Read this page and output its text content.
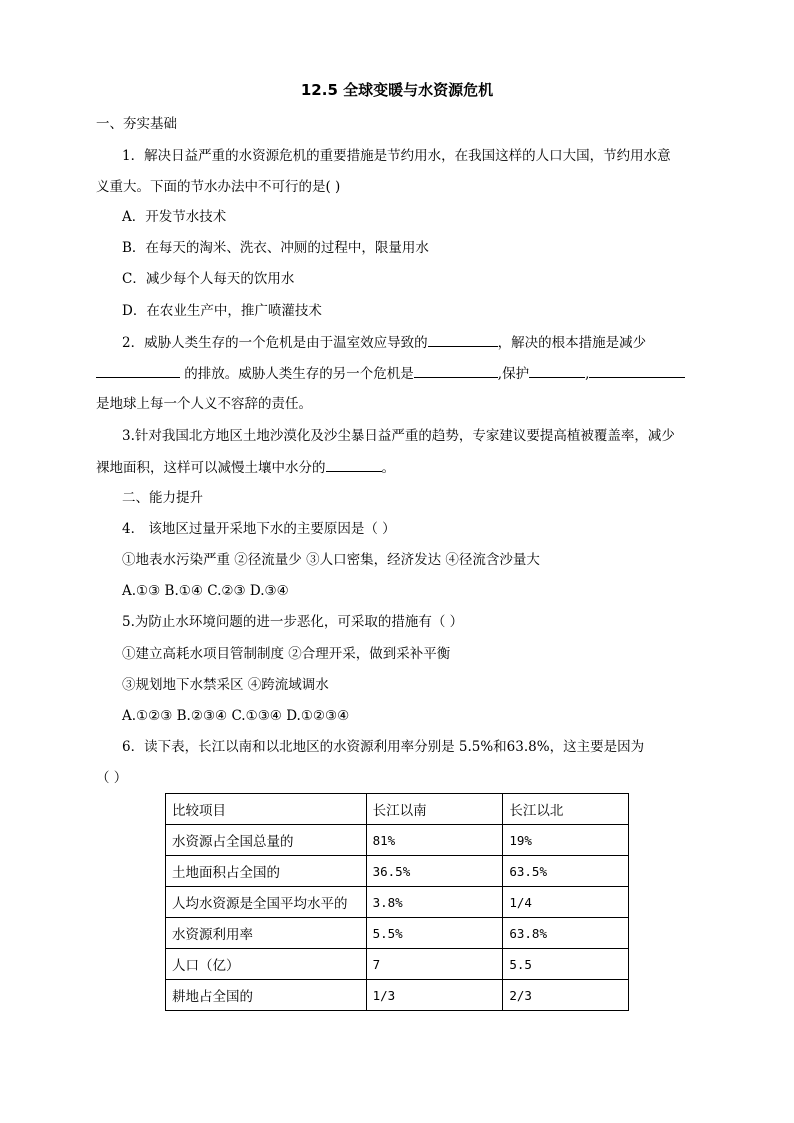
12.5 全球变暖与水资源危机
一、夯实基础
1．解决日益严重的水资源危机的重要措施是节约用水，在我国这样的人口大国，节约用水意
义重大。下面的节水办法中不可行的是( )
A．开发节水技术
B．在每天的淘米、洗衣、冲厕的过程中，限量用水
C．减少每个人每天的饮用水
D．在农业生产中，推广喷灌技术
2．威胁人类生存的一个危机是由于温室效应导致的	，解决的根本措施是减少
的排放。威胁人类生存的另一个危机是	,保护	,
是地球上每一个人义不容辞的责任。
3.针对我国北方地区土地沙漠化及沙尘暴日益严重的趋势，专家建议要提高植被覆盖率，减少
裸地面积，这样可以减慢土壤中水分的	。
二、能力提升
4． 该地区过量开采地下水的主要原因是（ ）
①地表水污染严重 ②径流量少 ③人口密集，经济发达 ④径流含沙量大
A.①③ B.①④ C.②③ D.③④
5.为防止水环境问题的进一步恶化，可采取的措施有（ ）
①建立高耗水项目管制制度 ②合理开采，做到采补平衡
③规划地下水禁采区 ④跨流域调水
A.①②③ B.②③④ C.①③④ D.①②③④
6．读下表，长江以南和以北地区的水资源利用率分别是 5.5%和63.8%，这主要是因为
（ ）
比较项目	长江以南	长江以北
水资源占全国总量的	81%	19%
土地面积占全国的	36.5%	63.5%
人均水资源是全国平均水平的	3.8%	1/4
水资源利用率	5.5%	63.8%
人口（亿）	7	5.5
耕地占全国的	1/3	2/3
